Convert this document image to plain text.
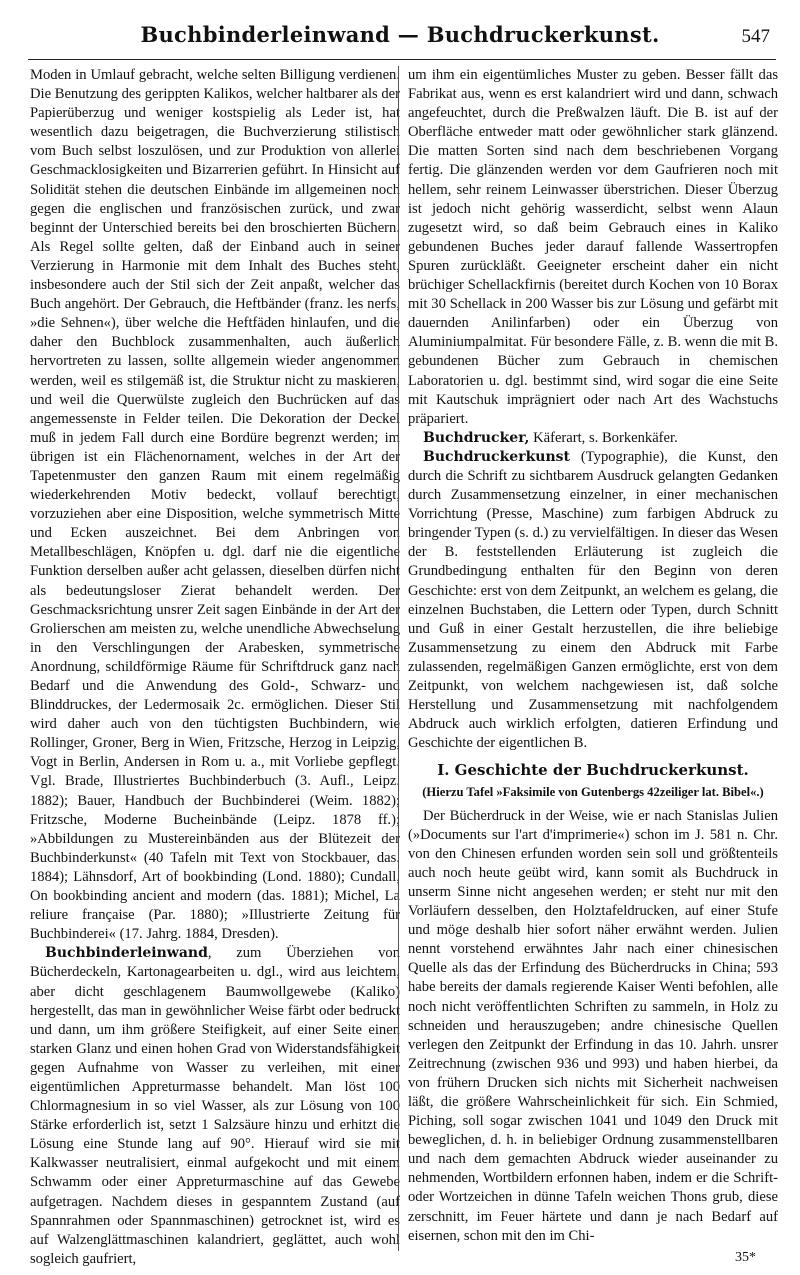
Buchbinderleinwand — Buchdruckerkunst.	547

Moden in Umlauf gebracht, welche selten Billigung verdienen. Die Benutzung des gerippten Kalikos, welcher haltbarer als der Papierüberzug und weniger kostspielig als Leder ist, hat wesentlich dazu beigetragen, die Buchverzierung stilistisch vom Buch selbst loszulösen, und zur Produktion von allerlei Geschmacklosigkeiten und Bizarrerien geführt. In Hinsicht auf Solidität stehen die deutschen Einbände im allgemeinen noch gegen die englischen und französischen zurück, und zwar beginnt der Unterschied bereits bei den broschierten Büchern. Als Regel sollte gelten, daß der Einband auch in seiner Verzierung in Harmonie mit dem Inhalt des Buches steht, insbesondere auch der Stil sich der Zeit anpaßt, welcher das Buch angehört. Der Gebrauch, die Heftbänder (franz. les nerfs, »die Sehnen«), über welche die Heftfäden hinlaufen, und die daher den Buchblock zusammenhalten, auch äußerlich hervortreten zu lassen, sollte allgemein wieder angenommen werden, weil es stilgemäß ist, die Struktur nicht zu maskieren, und weil die Querwülste zugleich den Buchrücken auf das angemessenste in Felder teilen. Die Dekoration der Deckel muß in jedem Fall durch eine Bordüre begrenzt werden; im übrigen ist ein Flächenornament, welches in der Art der Tapetenmuster den ganzen Raum mit einem regelmäßig wiederkehrenden Motiv bedeckt, vollauf berechtigt, vorzuziehen aber eine Disposition, welche symmetrisch Mitte und Ecken auszeichnet. Bei dem Anbringen von Metallbeschlägen, Knöpfen u. dgl. darf nie die eigentliche Funktion derselben außer acht gelassen, dieselben dürfen nicht als bedeutungsloser Zierat behandelt werden. Der Geschmacksrichtung unsrer Zeit sagen Einbände in der Art der Grolierschen am meisten zu, welche unendliche Abwechselung in den Verschlingungen der Arabesken, symmetrische Anordnung, schildförmige Räume für Schriftdruck ganz nach Bedarf und die Anwendung des Gold-, Schwarz- und Blinddruckes, der Ledermosaik 2c. ermöglichen. Dieser Stil wird daher auch von den tüchtigsten Buchbindern, wie Rollinger, Groner, Berg in Wien, Fritzsche, Herzog in Leipzig, Vogt in Berlin, Andersen in Rom u. a., mit Vorliebe gepflegt. Vgl. Brade, Illustriertes Buchbinderbuch (3. Aufl., Leipz. 1882); Bauer, Handbuch der Buchbinderei (Weim. 1882); Fritzsche, Moderne Bucheinbände (Leipz. 1878 ff.); »Abbildungen zu Mustereinbänden aus der Blütezeit der Buchbinderkunst« (40 Tafeln mit Text von Stockbauer, das. 1884); Lähnsdorf, Art of bookbinding (Lond. 1880); Cundall, On bookbinding ancient and modern (das. 1881); Michel, La reliure française (Par. 1880); »Illustrierte Zeitung für Buchbinderei« (17. Jahrg. 1884, Dresden).

Buchbinderleinwand, zum Überziehen von Bücherdeckeln, Kartonagearbeiten u. dgl., wird aus leichtem, aber dicht geschlagenem Baumwollgewebe (Kaliko) hergestellt, das man in gewöhnlicher Weise färbt oder bedruckt und dann, um ihm größere Steifigkeit, auf einer Seite einen starken Glanz und einen hohen Grad von Widerstandsfähigkeit gegen Aufnahme von Wasser zu verleihen, mit einer eigentümlichen Appreturmasse behandelt. Man löst 100 Chlormagnesium in so viel Wasser, als zur Lösung von 100 Stärke erforderlich ist, setzt 1 Salzsäure hinzu und erhitzt die Lösung eine Stunde lang auf 90°. Hierauf wird sie mit Kalkwasser neutralisiert, einmal aufgekocht und mit einem Schwamm oder einer Appreturmaschine auf das Gewebe aufgetragen. Nachdem dieses in gespanntem Zustand (auf Spannrahmen oder Spannmaschinen) getrocknet ist, wird es auf Walzenglättmaschinen kalandriert, geglättet, auch wohl sogleich gaufriert,

um ihm ein eigentümliches Muster zu geben. Besser fällt das Fabrikat aus, wenn es erst kalandriert wird und dann, schwach angefeuchtet, durch die Preßwalzen läuft. Die B. ist auf der Oberfläche entweder matt oder gewöhnlicher stark glänzend. Die matten Sorten sind nach dem beschriebenen Vorgang fertig. Die glänzenden werden vor dem Gaufrieren noch mit hellem, sehr reinem Leinwasser überstrichen. Dieser Überzug ist jedoch nicht gehörig wasserdicht, selbst wenn Alaun zugesetzt wird, so daß beim Gebrauch eines in Kaliko gebundenen Buches jeder darauf fallende Wassertropfen Spuren zurückläßt. Geeigneter erscheint daher ein nicht brüchiger Schellackfirnis (bereitet durch Kochen von 10 Borax mit 30 Schellack in 200 Wasser bis zur Lösung und gefärbt mit dauernden Anilinfarben) oder ein Überzug von Aluminiumpalmitat. Für besondere Fälle, z. B. wenn die mit B. gebundenen Bücher zum Gebrauch in chemischen Laboratorien u. dgl. bestimmt sind, wird sogar die eine Seite mit Kautschuk imprägniert oder nach Art des Wachstuchs präpariert.

Buchdrucker, Käferart, s. Borkenkäfer.

Buchdruckerkunst (Typographie), die Kunst, den durch die Schrift zu sichtbarem Ausdruck gelangten Gedanken durch Zusammensetzung einzelner, in einer mechanischen Vorrichtung (Presse, Maschine) zum farbigen Abdruck zu bringender Typen (s. d.) zu vervielfältigen. In dieser das Wesen der B. feststellenden Erläuterung ist zugleich die Grundbedingung enthalten für den Beginn von deren Geschichte: erst von dem Zeitpunkt, an welchem es gelang, die einzelnen Buchstaben, die Lettern oder Typen, durch Schnitt und Guß in einer Gestalt herzustellen, die ihre beliebige Zusammensetzung zu einem den Abdruck mit Farbe zulassenden, regelmäßigen Ganzen ermöglichte, erst von dem Zeitpunkt, von welchem nachgewiesen ist, daß solche Herstellung und Zusammensetzung mit nachfolgendem Abdruck auch wirklich erfolgten, datieren Erfindung und Geschichte der eigentlichen B.

I. Geschichte der Buchdruckerkunst.

(Hierzu Tafel »Faksimile von Gutenbergs 42zeiliger lat. Bibel«.)

Der Bücherdruck in der Weise, wie er nach Stanislas Julien (»Documents sur l'art d'imprimerie«) schon im J. 581 n. Chr. von den Chinesen erfunden worden sein soll und größtenteils auch noch heute geübt wird, kann somit als Buchdruck in unserm Sinne nicht angesehen werden; er steht nur mit den Vorläufern desselben, den Holztafeldrucken, auf einer Stufe und möge deshalb hier sofort näher erwähnt werden. Julien nennt vorstehend erwähntes Jahr nach einer chinesischen Quelle als das der Erfindung des Bücherdrucks in China; 593 habe bereits der damals regierende Kaiser Wenti befohlen, alle noch nicht veröffentlichten Schriften zu sammeln, in Holz zu schneiden und herauszugeben; andre chinesische Quellen verlegen den Zeitpunkt der Erfindung in das 10. Jahrh. unsrer Zeitrechnung (zwischen 936 und 993) und haben hierbei, da von frühern Drucken sich nichts mit Sicherheit nachweisen läßt, die größere Wahrscheinlichkeit für sich. Ein Schmied, Piching, soll sogar zwischen 1041 und 1049 den Druck mit beweglichen, d. h. in beliebiger Ordnung zusammenstellbaren und nach dem gemachten Abdruck wieder auseinander zu nehmenden, Wortbildern erfonnen haben, indem er die Schrift- oder Wortzeichen in dünne Tafeln weichen Thons grub, diese zerschnitt, im Feuer härtete und dann je nach Bedarf auf eisernen, schon mit den im Chi-

35*
